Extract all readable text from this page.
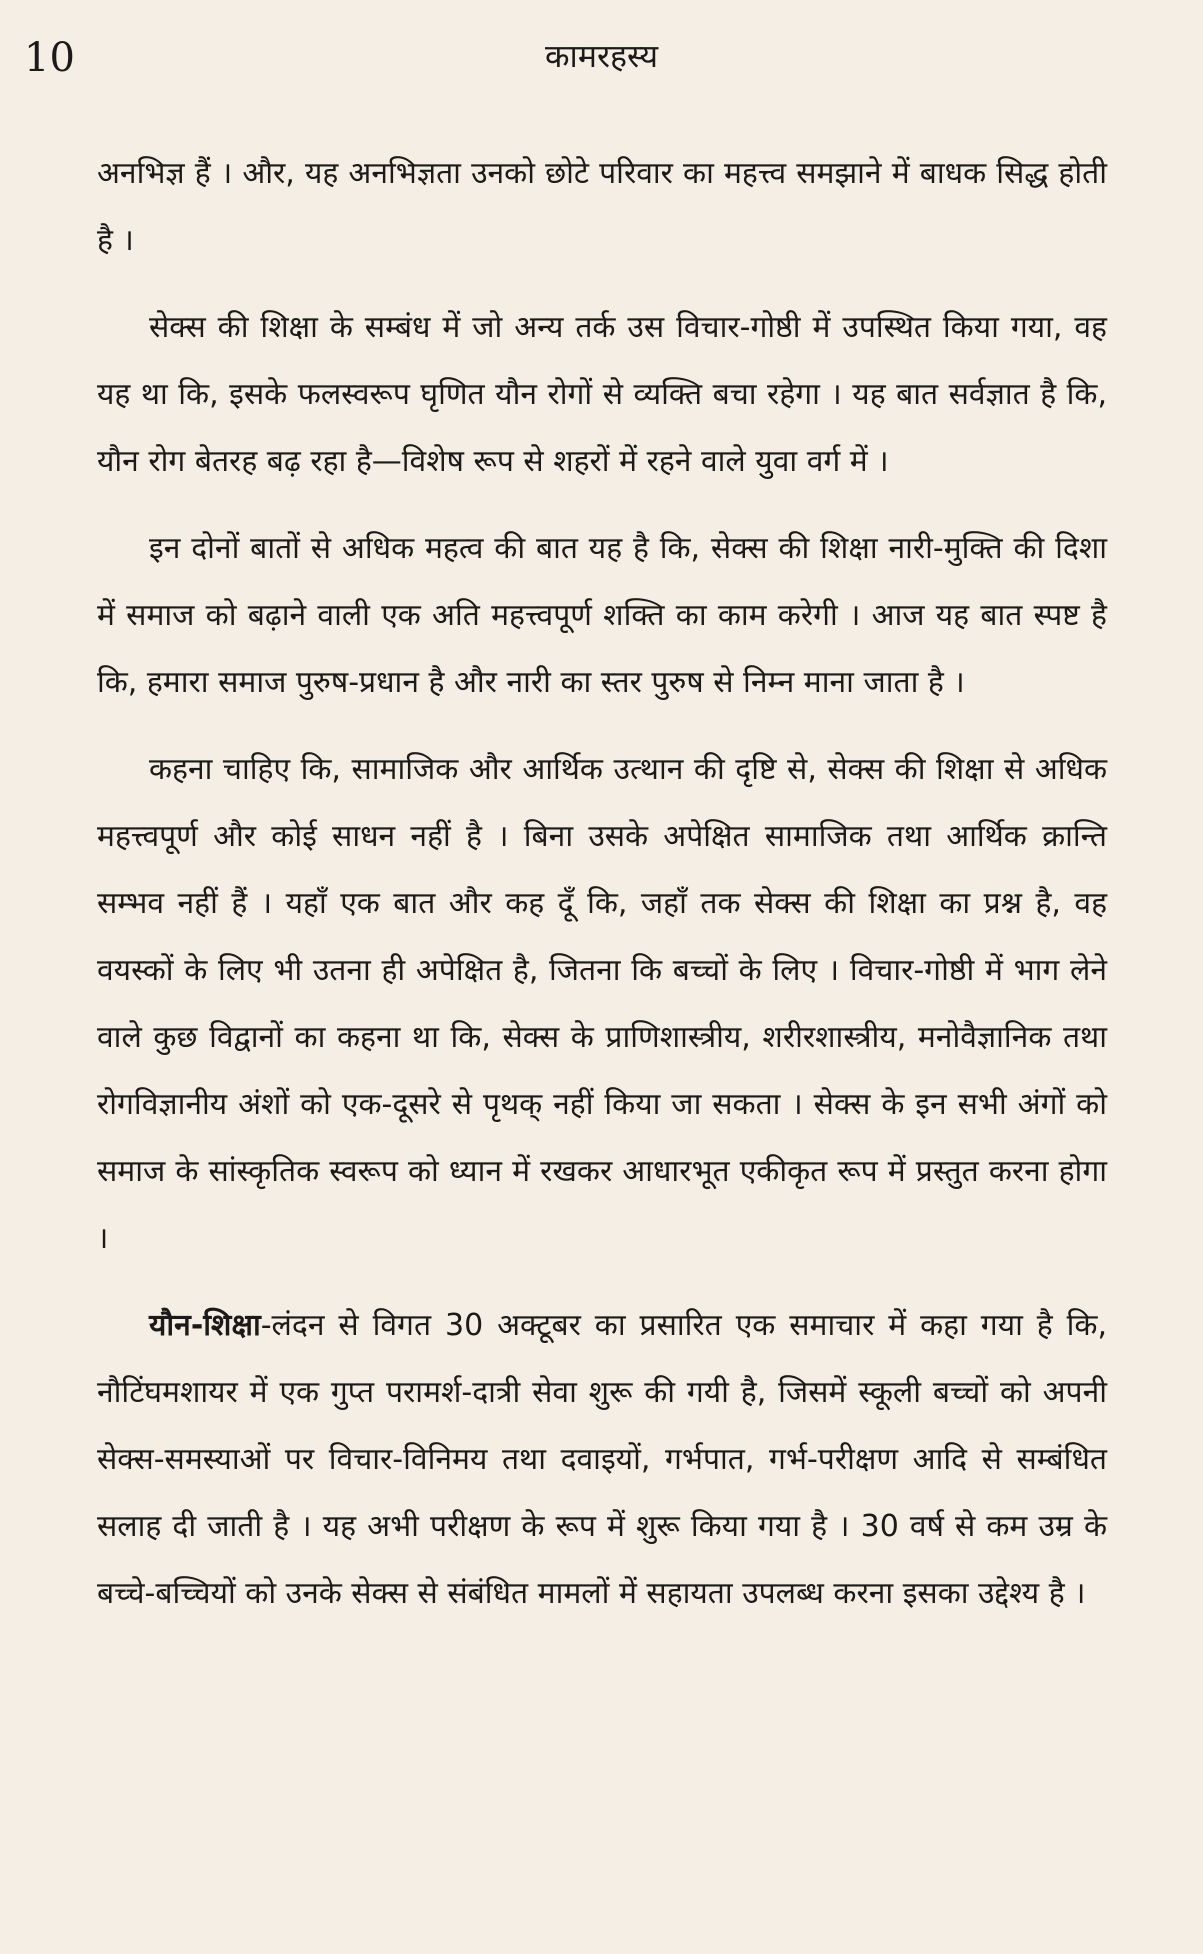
10	कामरहस्य

अनभिज्ञ हैं । और, यह अनभिज्ञता उनको छोटे परिवार का महत्त्व समझाने में बाधक सिद्ध होती है ।

सेक्स की शिक्षा के सम्बंध में जो अन्य तर्क उस विचार-गोष्ठी में उपस्थित किया गया, वह यह था कि, इसके फलस्वरूप घृणित यौन रोगों से व्यक्ति बचा रहेगा । यह बात सर्वज्ञात है कि, यौन रोग बेतरह बढ़ रहा है—विशेष रूप से शहरों में रहने वाले युवा वर्ग में ।

इन दोनों बातों से अधिक महत्व की बात यह है कि, सेक्स की शिक्षा नारी-मुक्ति की दिशा में समाज को बढ़ाने वाली एक अति महत्त्वपूर्ण शक्ति का काम करेगी । आज यह बात स्पष्ट है कि, हमारा समाज पुरुष-प्रधान है और नारी का स्तर पुरुष से निम्न माना जाता है ।

कहना चाहिए कि, सामाजिक और आर्थिक उत्थान की दृष्टि से, सेक्स की शिक्षा से अधिक महत्त्वपूर्ण और कोई साधन नहीं है । बिना उसके अपेक्षित सामाजिक तथा आर्थिक क्रान्ति सम्भव नहीं हैं । यहाँ एक बात और कह दूँ कि, जहाँ तक सेक्स की शिक्षा का प्रश्न है, वह वयस्कों के लिए भी उतना ही अपेक्षित है, जितना कि बच्चों के लिए । विचार-गोष्ठी में भाग लेने वाले कुछ विद्वानों का कहना था कि, सेक्स के प्राणिशास्त्रीय, शरीरशास्त्रीय, मनोवैज्ञानिक तथा रोगविज्ञानीय अंशों को एक-दूसरे से पृथक् नहीं किया जा सकता । सेक्स के इन सभी अंगों को समाज के सांस्कृतिक स्वरूप को ध्यान में रखकर आधारभूत एकीकृत रूप में प्रस्तुत करना होगा ।

यौन-शिक्षा-लंदन से विगत 30 अक्टूबर का प्रसारित एक समाचार में कहा गया है कि, नौटिंघमशायर में एक गुप्त परामर्श-दात्री सेवा शुरू की गयी है, जिसमें स्कूली बच्चों को अपनी सेक्स-समस्याओं पर विचार-विनिमय तथा दवाइयों, गर्भपात, गर्भ-परीक्षण आदि से सम्बंधित सलाह दी जाती है । यह अभी परीक्षण के रूप में शुरू किया गया है । 30 वर्ष से कम उम्र के बच्चे-बच्चियों को उनके सेक्स से संबंधित मामलों में सहायता उपलब्ध करना इसका उद्देश्य है ।
